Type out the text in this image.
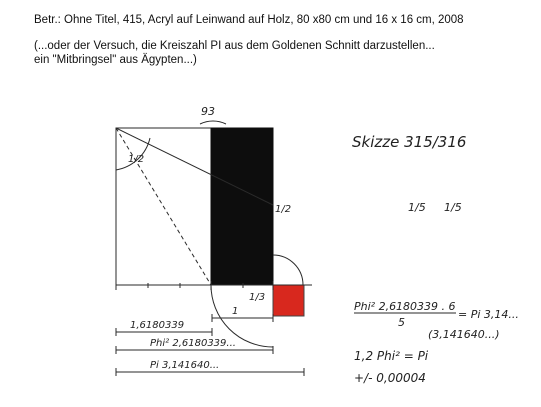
Betr.: Ohne Titel, 415, Acryl auf Leinwand auf Holz, 80 x80 cm und 16 x 16 cm, 2008

(...oder der Versuch, die Kreiszahl PI aus dem Goldenen Schnitt darzustellen...

ein "Mitbringsel" aus Ägypten...)

93
1/2
1/2
1/3
1,6180339
1
Phi² 2,6180339...
Pi 3,141640...
Skizze 315/316
1/5 1/5
Phi² 2,6180339 . 6
5
= Pi 3,14...
(3,141640...)
1,2 Phi² = Pi
+/- 0,00004
